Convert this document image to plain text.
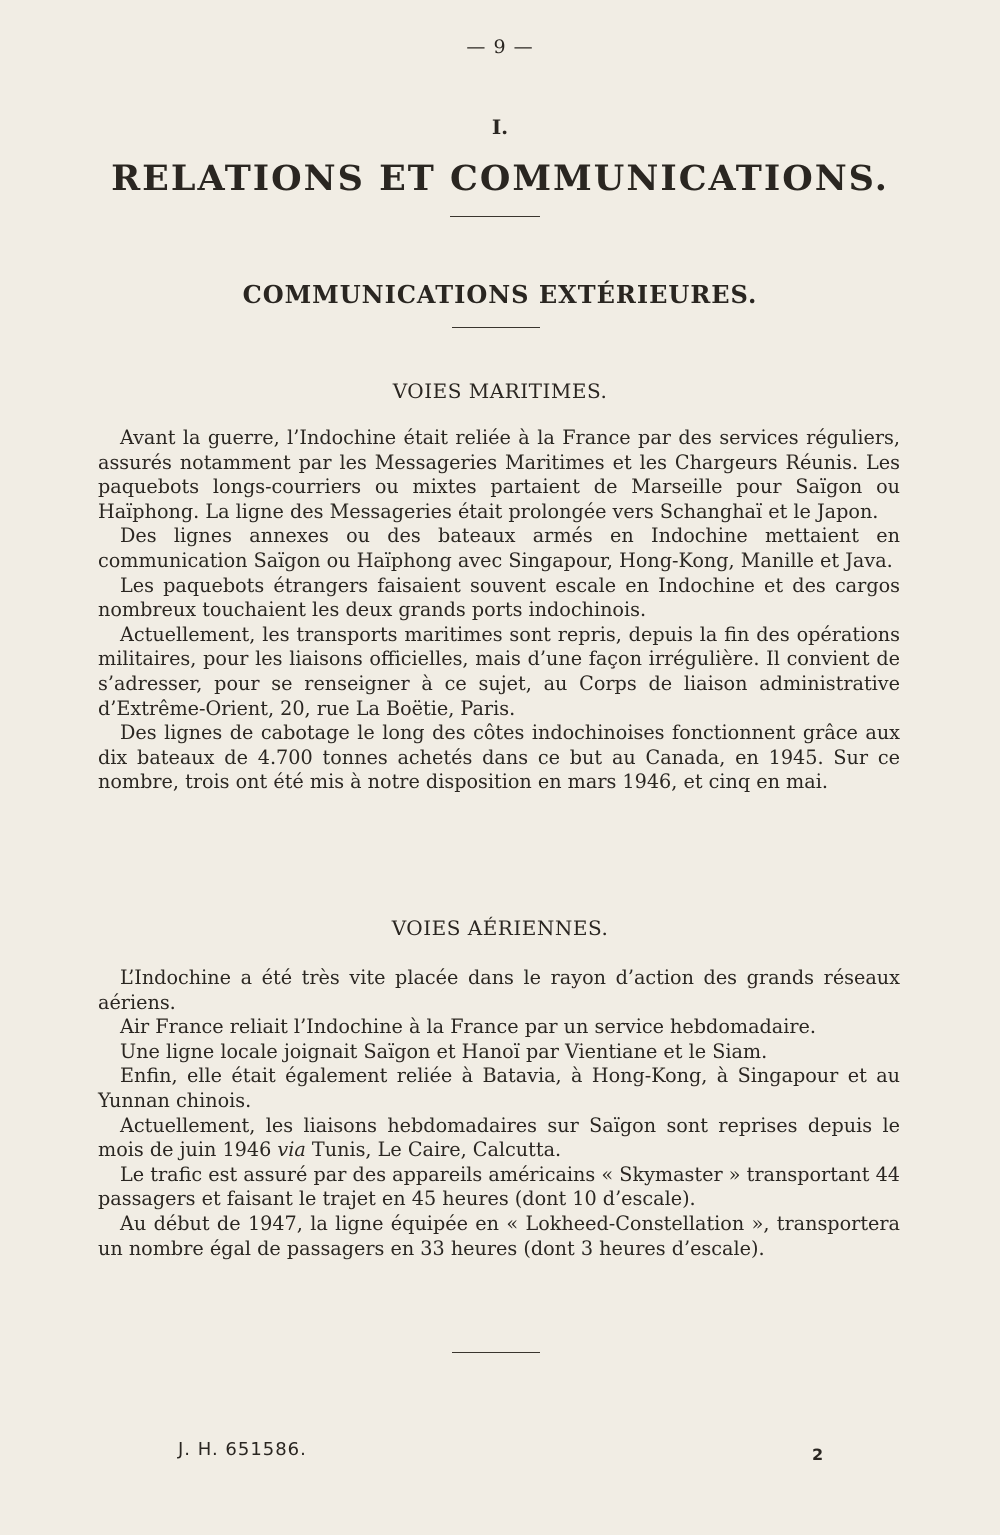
— 9 —
I.
RELATIONS ET COMMUNICATIONS.
COMMUNICATIONS EXTÉRIEURES.
VOIES MARITIMES.

Avant la guerre, l’Indochine était reliée à la France par des services réguliers, assurés notamment par les Messageries Maritimes et les Chargeurs Réunis. Les paquebots longs-courriers ou mixtes partaient de Marseille pour Saïgon ou Haïphong. La ligne des Messageries était prolongée vers Schanghaï et le Japon.

Des lignes annexes ou des bateaux armés en Indochine mettaient en communication Saïgon ou Haïphong avec Singapour, Hong-Kong, Manille et Java.

Les paquebots étrangers faisaient souvent escale en Indochine et des cargos nombreux touchaient les deux grands ports indochinois.

Actuellement, les transports maritimes sont repris, depuis la fin des opérations militaires, pour les liaisons officielles, mais d’une façon irrégulière. Il convient de s’adresser, pour se renseigner à ce sujet, au Corps de liaison administrative d’Extrême-Orient, 20, rue La Boëtie, Paris.

Des lignes de cabotage le long des côtes indochinoises fonctionnent grâce aux dix bateaux de 4.700 tonnes achetés dans ce but au Canada, en 1945. Sur ce nombre, trois ont été mis à notre disposition en mars 1946, et cinq en mai.

VOIES AÉRIENNES.

L’Indochine a été très vite placée dans le rayon d’action des grands réseaux aériens.

Air France reliait l’Indochine à la France par un service hebdomadaire.

Une ligne locale joignait Saïgon et Hanoï par Vientiane et le Siam.

Enfin, elle était également reliée à Batavia, à Hong-Kong, à Singapour et au Yunnan chinois.

Actuellement, les liaisons hebdomadaires sur Saïgon sont reprises depuis le mois de juin 1946 via Tunis, Le Caire, Calcutta.

Le trafic est assuré par des appareils américains « Skymaster » transportant 44 passagers et faisant le trajet en 45 heures (dont 10 d’escale).

Au début de 1947, la ligne équipée en « Lokheed-Constellation », transportera un nombre égal de passagers en 33 heures (dont 3 heures d’escale).

J. H. 651586.	2
